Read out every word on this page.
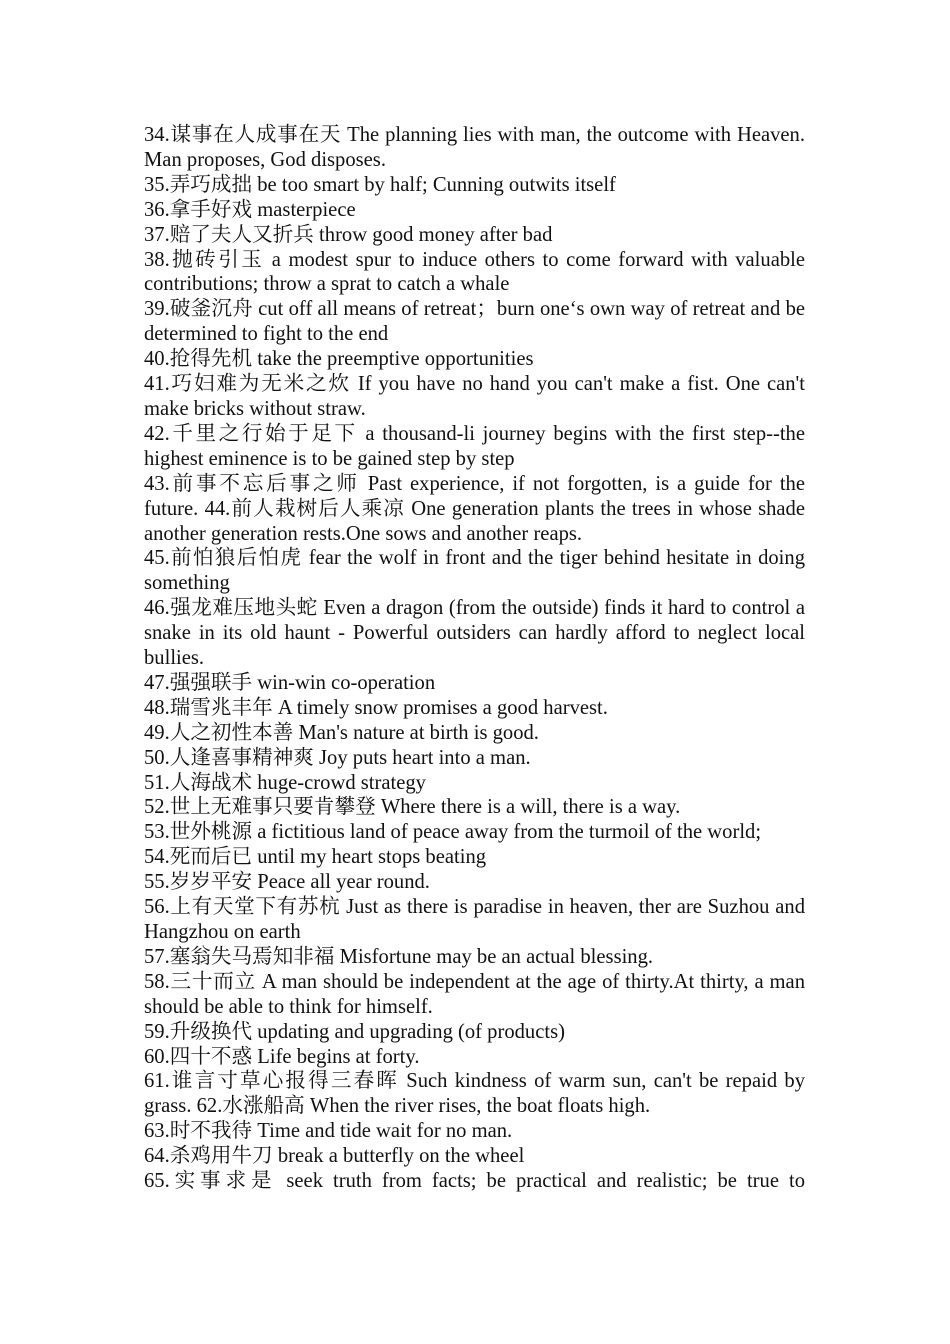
34.谋事在人成事在天 The planning lies with man, the outcome with Heaven. Man proposes, God disposes.

35.弄巧成拙 be too smart by half; Cunning outwits itself

36.拿手好戏 masterpiece

37.赔了夫人又折兵 throw good money after bad

38.抛砖引玉 a modest spur to induce others to come forward with valuable contributions; throw a sprat to catch a whale

39.破釜沉舟 cut off all means of retreat；burn one‘s own way of retreat and be determined to fight to the end

40.抢得先机 take the preemptive opportunities

41.巧妇难为无米之炊 If you have no hand you can't make a fist. One can't make bricks without straw.

42.千里之行始于足下 a thousand-li journey begins with the first step--the highest eminence is to be gained step by step

43.前事不忘后事之师 Past experience, if not forgotten, is a guide for the future. 44.前人栽树后人乘凉 One generation plants the trees in whose shade another generation rests.One sows and another reaps.

45.前怕狼后怕虎 fear the wolf in front and the tiger behind hesitate in doing something

46.强龙难压地头蛇 Even a dragon (from the outside) finds it hard to control a snake in its old haunt - Powerful outsiders can hardly afford to neglect local bullies.

47.强强联手 win-win co-operation

48.瑞雪兆丰年 A timely snow promises a good harvest.

49.人之初性本善 Man's nature at birth is good.

50.人逢喜事精神爽 Joy puts heart into a man.

51.人海战术 huge-crowd strategy

52.世上无难事只要肯攀登 Where there is a will, there is a way.

53.世外桃源 a fictitious land of peace away from the turmoil of the world;

54.死而后已 until my heart stops beating

55.岁岁平安 Peace all year round.

56.上有天堂下有苏杭 Just as there is paradise in heaven, ther are Suzhou and Hangzhou on earth

57.塞翁失马焉知非福 Misfortune may be an actual blessing.

58.三十而立 A man should be independent at the age of thirty.At thirty, a man should be able to think for himself.

59.升级换代 updating and upgrading (of products)

60.四十不惑 Life begins at forty.

61.谁言寸草心报得三春晖 Such kindness of warm sun, can't be repaid by grass. 62.水涨船高 When the river rises, the boat floats high.

63.时不我待 Time and tide wait for no man.

64.杀鸡用牛刀 break a butterfly on the wheel

65.实事求是 seek truth from facts; be practical and realistic; be true to
